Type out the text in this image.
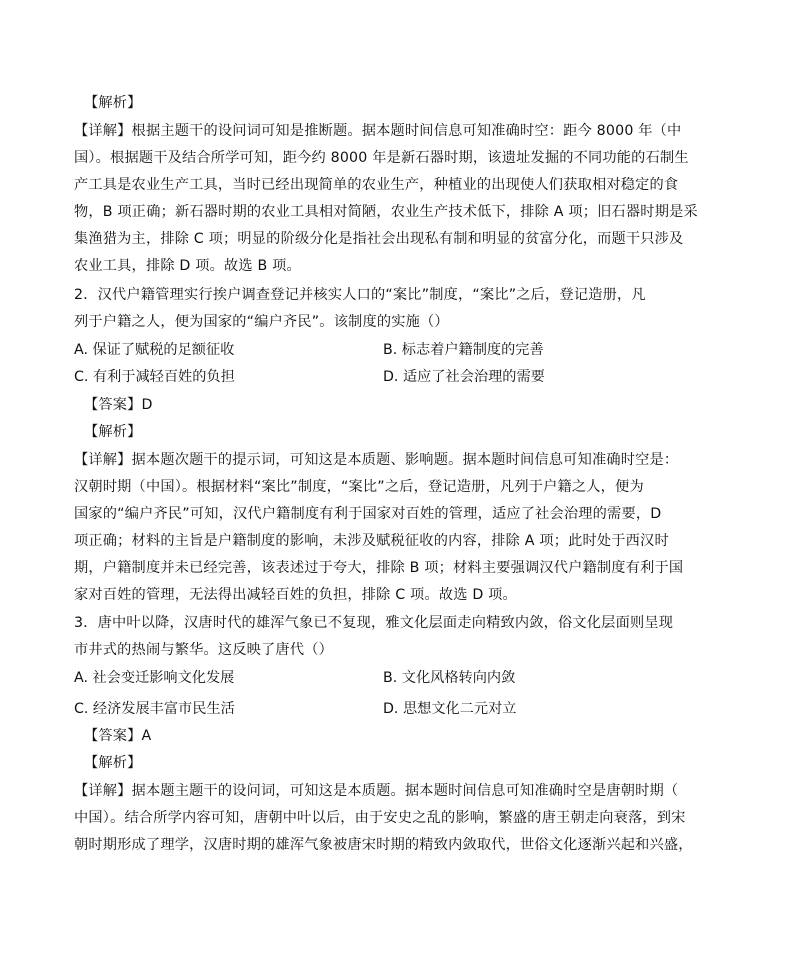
【解析】
【详解】根据主题干的设问词可知是推断题。据本题时间信息可知准确时空：距今 8000 年（中
国）。根据题干及结合所学可知，距今约 8000 年是新石器时期，该遗址发掘的不同功能的石制生
产工具是农业生产工具，当时已经出现简单的农业生产，种植业的出现使人们获取相对稳定的食
物，B 项正确；新石器时期的农业工具相对简陋，农业生产技术低下，排除 A 项；旧石器时期是采
集渔猎为主，排除 C 项；明显的阶级分化是指社会出现私有制和明显的贫富分化，而题干只涉及
农业工具，排除 D 项。故选 B 项。
2．汉代户籍管理实行挨户调查登记并核实人口的“案比”制度，“案比”之后，登记造册，凡
列于户籍之人，便为国家的“编户齐民”。该制度的实施（）
A. 保证了赋税的足额征收	B. 标志着户籍制度的完善
C. 有利于减轻百姓的负担	D. 适应了社会治理的需要
【答案】D
【解析】
【详解】据本题次题干的提示词，可知这是本质题、影响题。据本题时间信息可知准确时空是：
汉朝时期（中国）。根据材料“案比”制度，“案比”之后，登记造册，凡列于户籍之人，便为
国家的“编户齐民”可知，汉代户籍制度有利于国家对百姓的管理，适应了社会治理的需要，D
项正确；材料的主旨是户籍制度的影响，未涉及赋税征收的内容，排除 A 项；此时处于西汉时
期，户籍制度并未已经完善，该表述过于夸大，排除 B 项；材料主要强调汉代户籍制度有利于国
家对百姓的管理，无法得出减轻百姓的负担，排除 C 项。故选 D 项。
3．唐中叶以降，汉唐时代的雄浑气象已不复现，雅文化层面走向精致内敛，俗文化层面则呈现
市井式的热闹与繁华。这反映了唐代（）
A. 社会变迁影响文化发展	B. 文化风格转向内敛
C. 经济发展丰富市民生活	D. 思想文化二元对立
【答案】A
【解析】
【详解】据本题主题干的设问词，可知这是本质题。据本题时间信息可知准确时空是唐朝时期（
中国）。结合所学内容可知，唐朝中叶以后，由于安史之乱的影响，繁盛的唐王朝走向衰落，到宋
朝时期形成了理学，汉唐时期的雄浑气象被唐宋时期的精致内敛取代，世俗文化逐渐兴起和兴盛，
